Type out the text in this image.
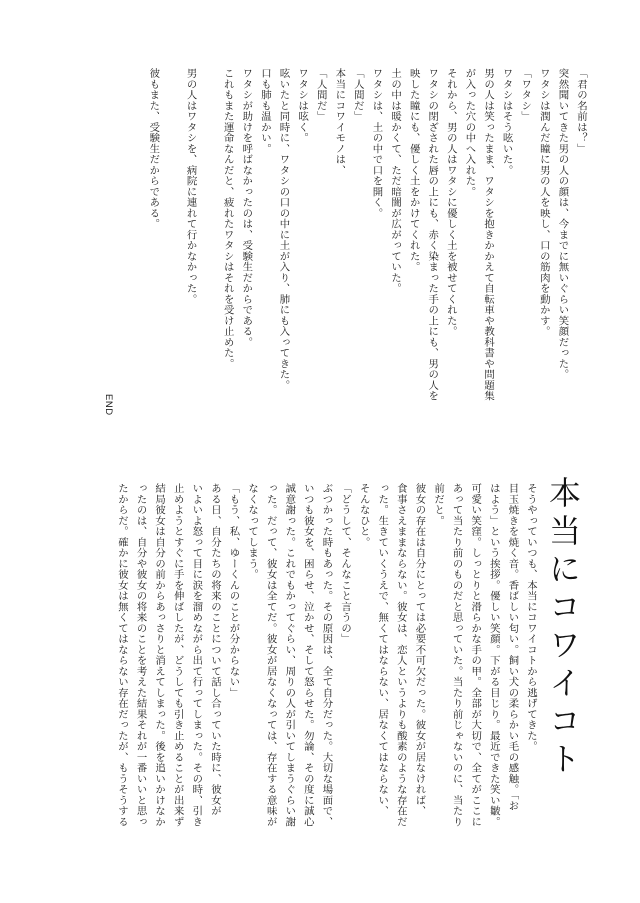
「君の名前は？」
突然聞いてきた男の人の顔は、今までに無いぐらい笑顔だった。
ワタシは潤んだ瞳に男の人を映し、口の筋肉を動かす。
「ワタシ」
ワタシはそう呟いた。
男の人は笑ったまま、ワタシを抱きかかえて自転車や教科書や問題集
が入った穴の中へ入れた。
それから、男の人はワタシに優しく土を被せてくれた。
ワタシの閉ざされた唇の上にも、赤く染まった手の上にも、男の人を
映した瞳にも、優しく土をかけてくれた。
土の中は暖かくて、ただ暗闇が広がっていた。
ワタシは、土の中で口を開く。
「人間だ」
本当にコワイモノは、
「人間だ」
ワタシは呟く。
呟いたと同時に、ワタシの口の中に土が入り、肺にも入ってきた。
口も肺も温かい。
ワタシが助けを呼ばなかったのは、受験生だからである。
これもまた運命なんだと、疲れたワタシはそれを受け止めた。

男の人はワタシを、病院に連れて行かなかった。

彼もまた、受験生だからである。
END
本当にコワイコト
そうやっていつも、本当にコワイコトから逃げてきた。
目玉焼きを焼く音。香ばしい匂い。飼い犬の柔らかい毛の感触。「お
はよう」という挨拶。優しい笑顔。下がる目じり。最近できた笑い皺。
可愛い笑窪。しっとりと滑らかな手の甲。全部が大切で、全てがここに
あって当たり前のものだと思っていた。当たり前じゃないのに、当たり
前だと。
彼女の存在は自分にとっては必要不可欠だった。彼女が居なければ、
食事さえままならない。彼女は、恋人というよりも酸素のような存在だ
った。生きていくうえで、無くてはならない、居なくてはならない、
そんなひと。
「どうして、そんなこと言うの」
ぶつかった時もあった。その原因は、全て自分だった。大切な場面で、
いつも彼女を、困らせ、泣かせ、そして怒らせた。勿論、その度に誠心
誠意謝った。これでもかってぐらい、周りの人が引いてしまうぐらい謝
った。だって、彼女は全てだ。彼女が居なくなっては、存在する意味が
なくなってしまう。
「もう、私、ゆーくんのことが分からない」
ある日、自分たちの将来のことについて話し合っていた時に、彼女が
いよいよ怒って目に涙を溜めながら出て行ってしまった。その時、引き
止めようとすぐに手を伸ばしたが、どうしても引き止めることが出来ず
結局彼女は自分の前からあっさりと消えてしまった。後を追いかけなか
ったのは、自分や彼女の将来のことを考えた結果それが一番いいと思っ
たからだ。確かに彼女は無くてはならない存在だったが、もうそうする
